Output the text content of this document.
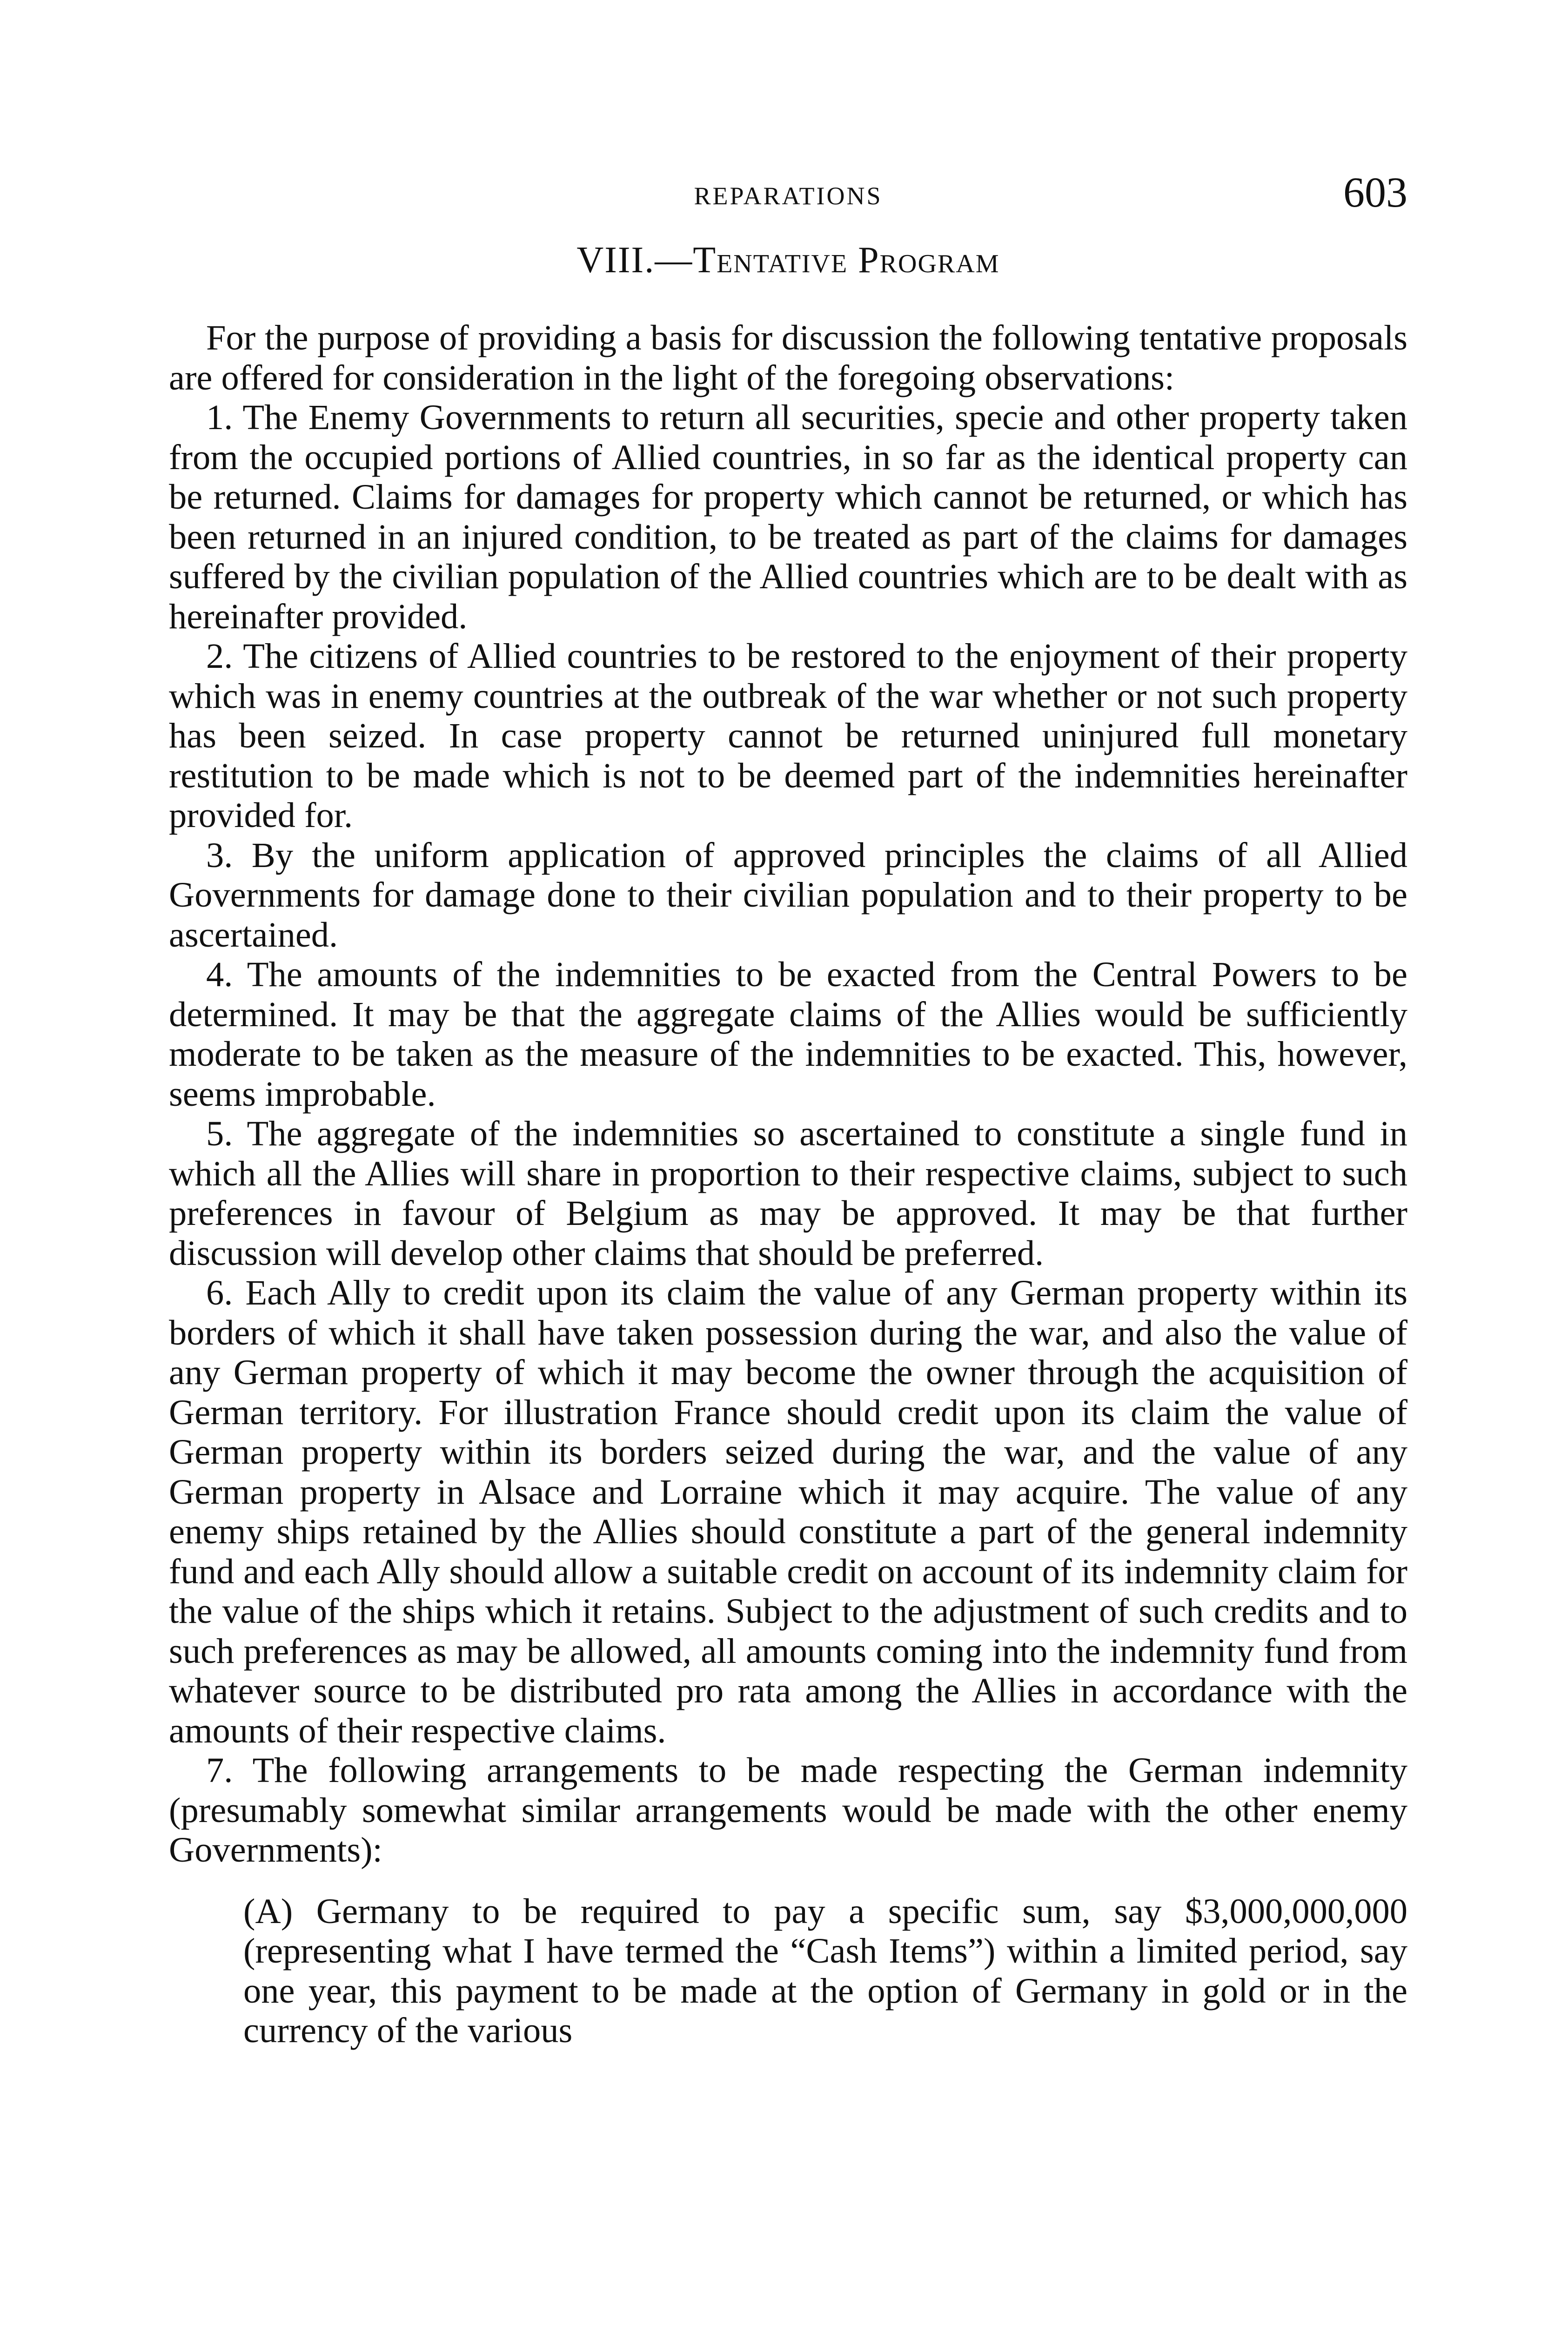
REPARATIONS	603
VIII.—Tentative Program

For the purpose of providing a basis for discussion the following tentative proposals are offered for consideration in the light of the foregoing observations:

1. The Enemy Governments to return all securities, specie and other property taken from the occupied portions of Allied countries, in so far as the identical property can be returned. Claims for damages for property which cannot be returned, or which has been returned in an injured condition, to be treated as part of the claims for damages suffered by the civilian population of the Allied countries which are to be dealt with as hereinafter provided.

2. The citizens of Allied countries to be restored to the enjoyment of their property which was in enemy countries at the outbreak of the war whether or not such property has been seized. In case property cannot be returned uninjured full monetary restitution to be made which is not to be deemed part of the indemnities hereinafter provided for.

3. By the uniform application of approved principles the claims of all Allied Governments for damage done to their civilian population and to their property to be ascertained.

4. The amounts of the indemnities to be exacted from the Central Powers to be determined. It may be that the aggregate claims of the Allies would be sufficiently moderate to be taken as the measure of the indemnities to be exacted. This, however, seems improbable.

5. The aggregate of the indemnities so ascertained to constitute a single fund in which all the Allies will share in proportion to their respective claims, subject to such preferences in favour of Belgium as may be approved. It may be that further discussion will develop other claims that should be preferred.

6. Each Ally to credit upon its claim the value of any German property within its borders of which it shall have taken possession during the war, and also the value of any German property of which it may become the owner through the acquisition of German territory. For illustration France should credit upon its claim the value of German property within its borders seized during the war, and the value of any German property in Alsace and Lorraine which it may acquire. The value of any enemy ships retained by the Allies should constitute a part of the general indemnity fund and each Ally should allow a suitable credit on account of its indemnity claim for the value of the ships which it retains. Subject to the adjustment of such credits and to such preferences as may be allowed, all amounts coming into the indemnity fund from whatever source to be distributed pro rata among the Allies in accordance with the amounts of their respective claims.

7. The following arrangements to be made respecting the German indemnity (presumably somewhat similar arrangements would be made with the other enemy Governments):

(A) Germany to be required to pay a specific sum, say $3,000,000,000 (representing what I have termed the “Cash Items”) within a limited period, say one year, this payment to be made at the option of Germany in gold or in the currency of the various
